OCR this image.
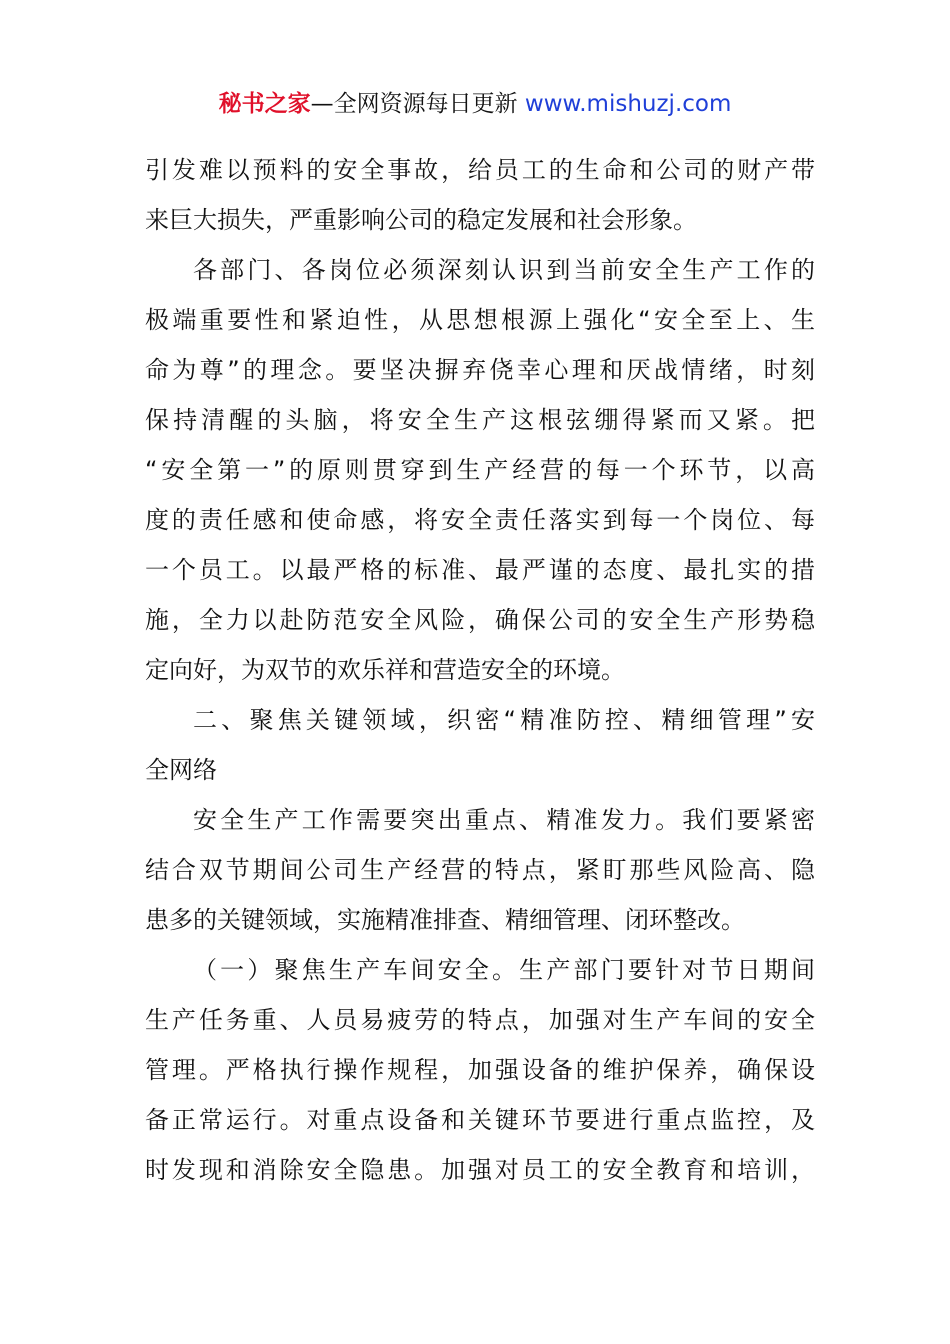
秘书之家—全网资源每日更新 www.mishuzj.com
引发难以预料的安全事故，给员工的生命和公司的财产带
来巨大损失，严重影响公司的稳定发展和社会形象。
各部门、各岗位必须深刻认识到当前安全生产工作的
极端重要性和紧迫性，从思想根源上强化“安全至上、生
命为尊”的理念。要坚决摒弃侥幸心理和厌战情绪，时刻
保持清醒的头脑，将安全生产这根弦绷得紧而又紧。把
“安全第一”的原则贯穿到生产经营的每一个环节，以高
度的责任感和使命感，将安全责任落实到每一个岗位、每
一个员工。以最严格的标准、最严谨的态度、最扎实的措
施，全力以赴防范安全风险，确保公司的安全生产形势稳
定向好，为双节的欢乐祥和营造安全的环境。
二、聚焦关键领域，织密“精准防控、精细管理”安
全网络
安全生产工作需要突出重点、精准发力。我们要紧密
结合双节期间公司生产经营的特点，紧盯那些风险高、隐
患多的关键领域，实施精准排查、精细管理、闭环整改。
（一）聚焦生产车间安全。生产部门要针对节日期间
生产任务重、人员易疲劳的特点，加强对生产车间的安全
管理。严格执行操作规程，加强设备的维护保养，确保设
备正常运行。对重点设备和关键环节要进行重点监控，及
时发现和消除安全隐患。加强对员工的安全教育和培训，
